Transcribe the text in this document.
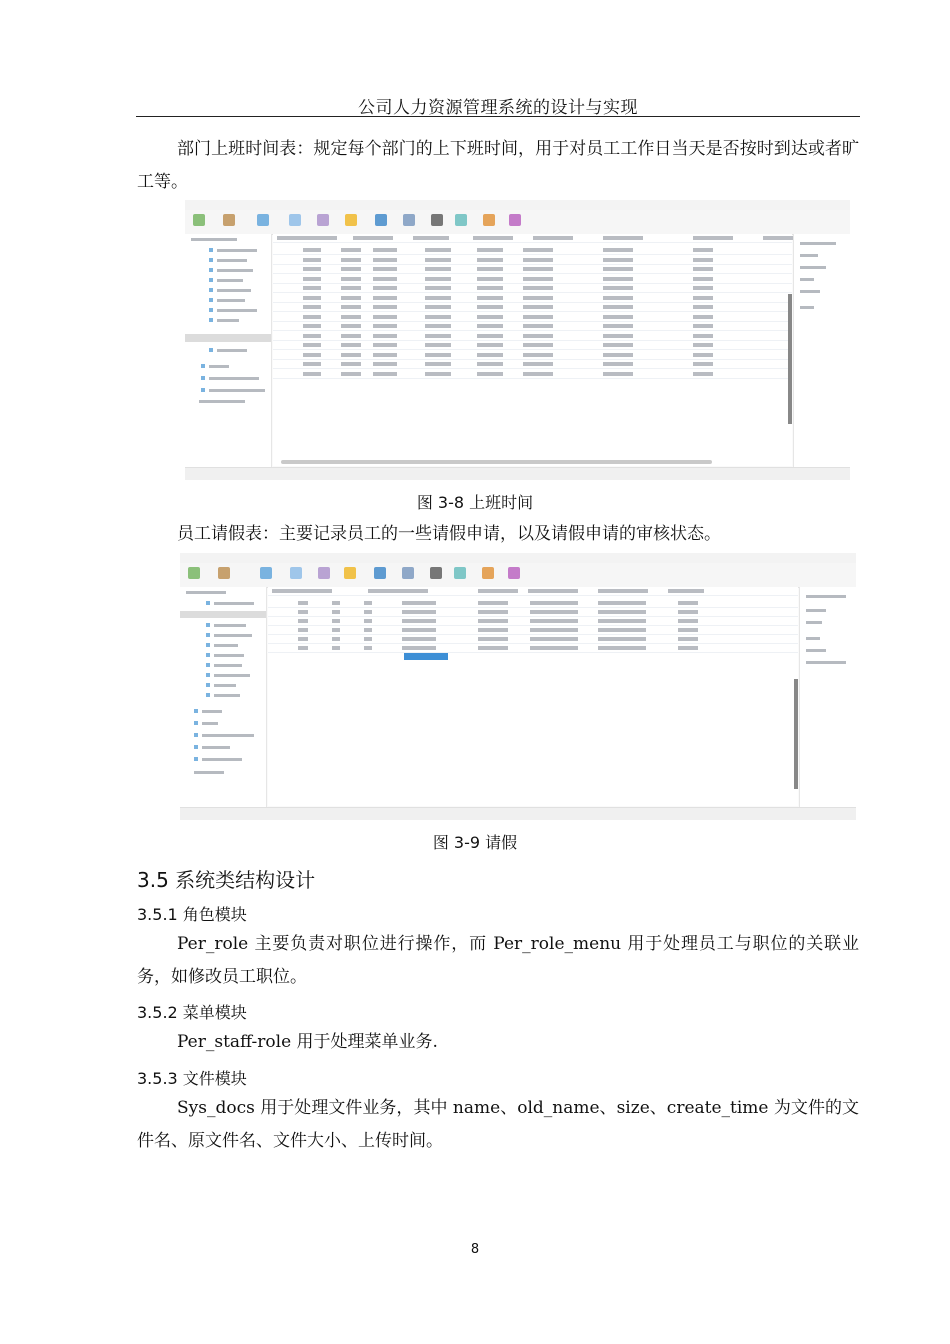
公司人力资源管理系统的设计与实现
部门上班时间表：规定每个部门的上下班时间，用于对员工工作日当天是否按时到达或者旷工等。
图 3-8 上班时间
员工请假表：主要记录员工的一些请假申请，以及请假申请的审核状态。
图 3-9 请假
3.5 系统类结构设计
3.5.1 角色模块
Per_role 主要负责对职位进行操作，而 Per_role_menu 用于处理员工与职位的关联业务，如修改员工职位。
3.5.2 菜单模块
Per_staff-role 用于处理菜单业务.
3.5.3 文件模块
Sys_docs 用于处理文件业务，其中 name、old_name、size、create_time 为文件的文件名、原文件名、文件大小、上传时间。
8
